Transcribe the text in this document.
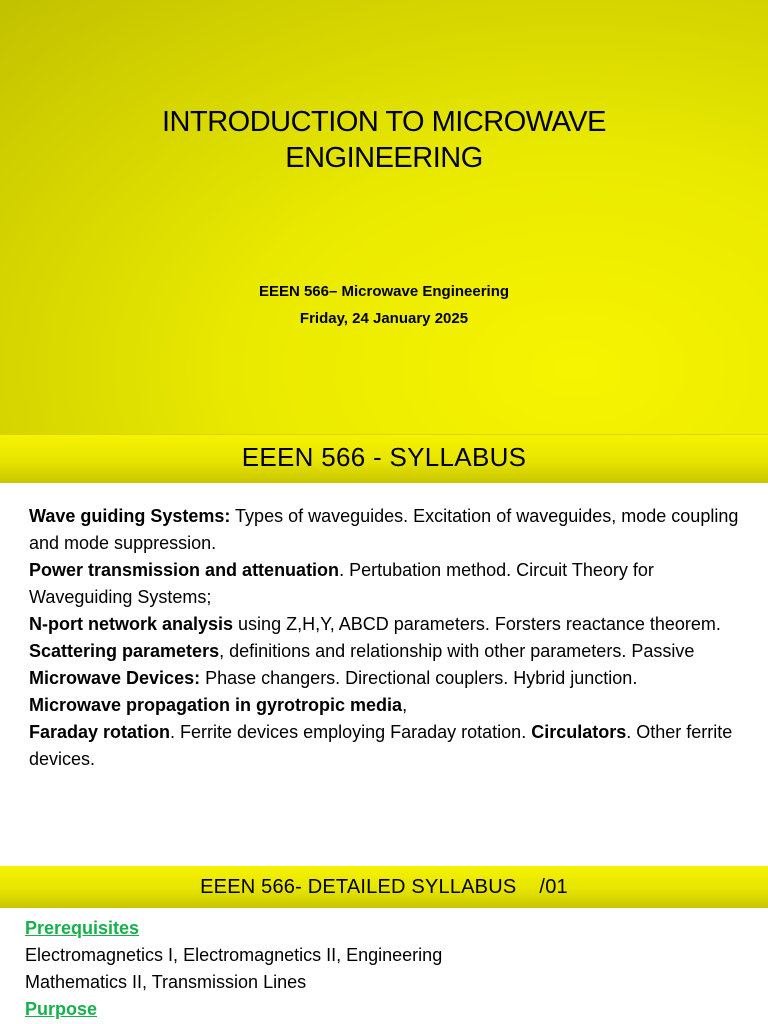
INTRODUCTION TO MICROWAVE
ENGINEERING
EEEN 566– Microwave Engineering
Friday, 24 January 2025
EEEN 566 - SYLLABUS

Wave guiding Systems: Types of waveguides. Excitation of waveguides, mode coupling and mode suppression.

Power transmission and attenuation. Pertubation method. Circuit Theory for Waveguiding Systems;

N-port network analysis using Z,H,Y, ABCD parameters. Forsters reactance theorem.

Scattering parameters, definitions and relationship with other parameters. Passive

Microwave Devices: Phase changers. Directional couplers. Hybrid junction.

Microwave propagation in gyrotropic media,

Faraday rotation. Ferrite devices employing Faraday rotation. Circulators. Other ferrite devices.

EEEN 566- DETAILED SYLLABUS    /01

Prerequisites

Electromagnetics I, Electromagnetics II, Engineering Mathematics II, Transmission Lines

Purpose
